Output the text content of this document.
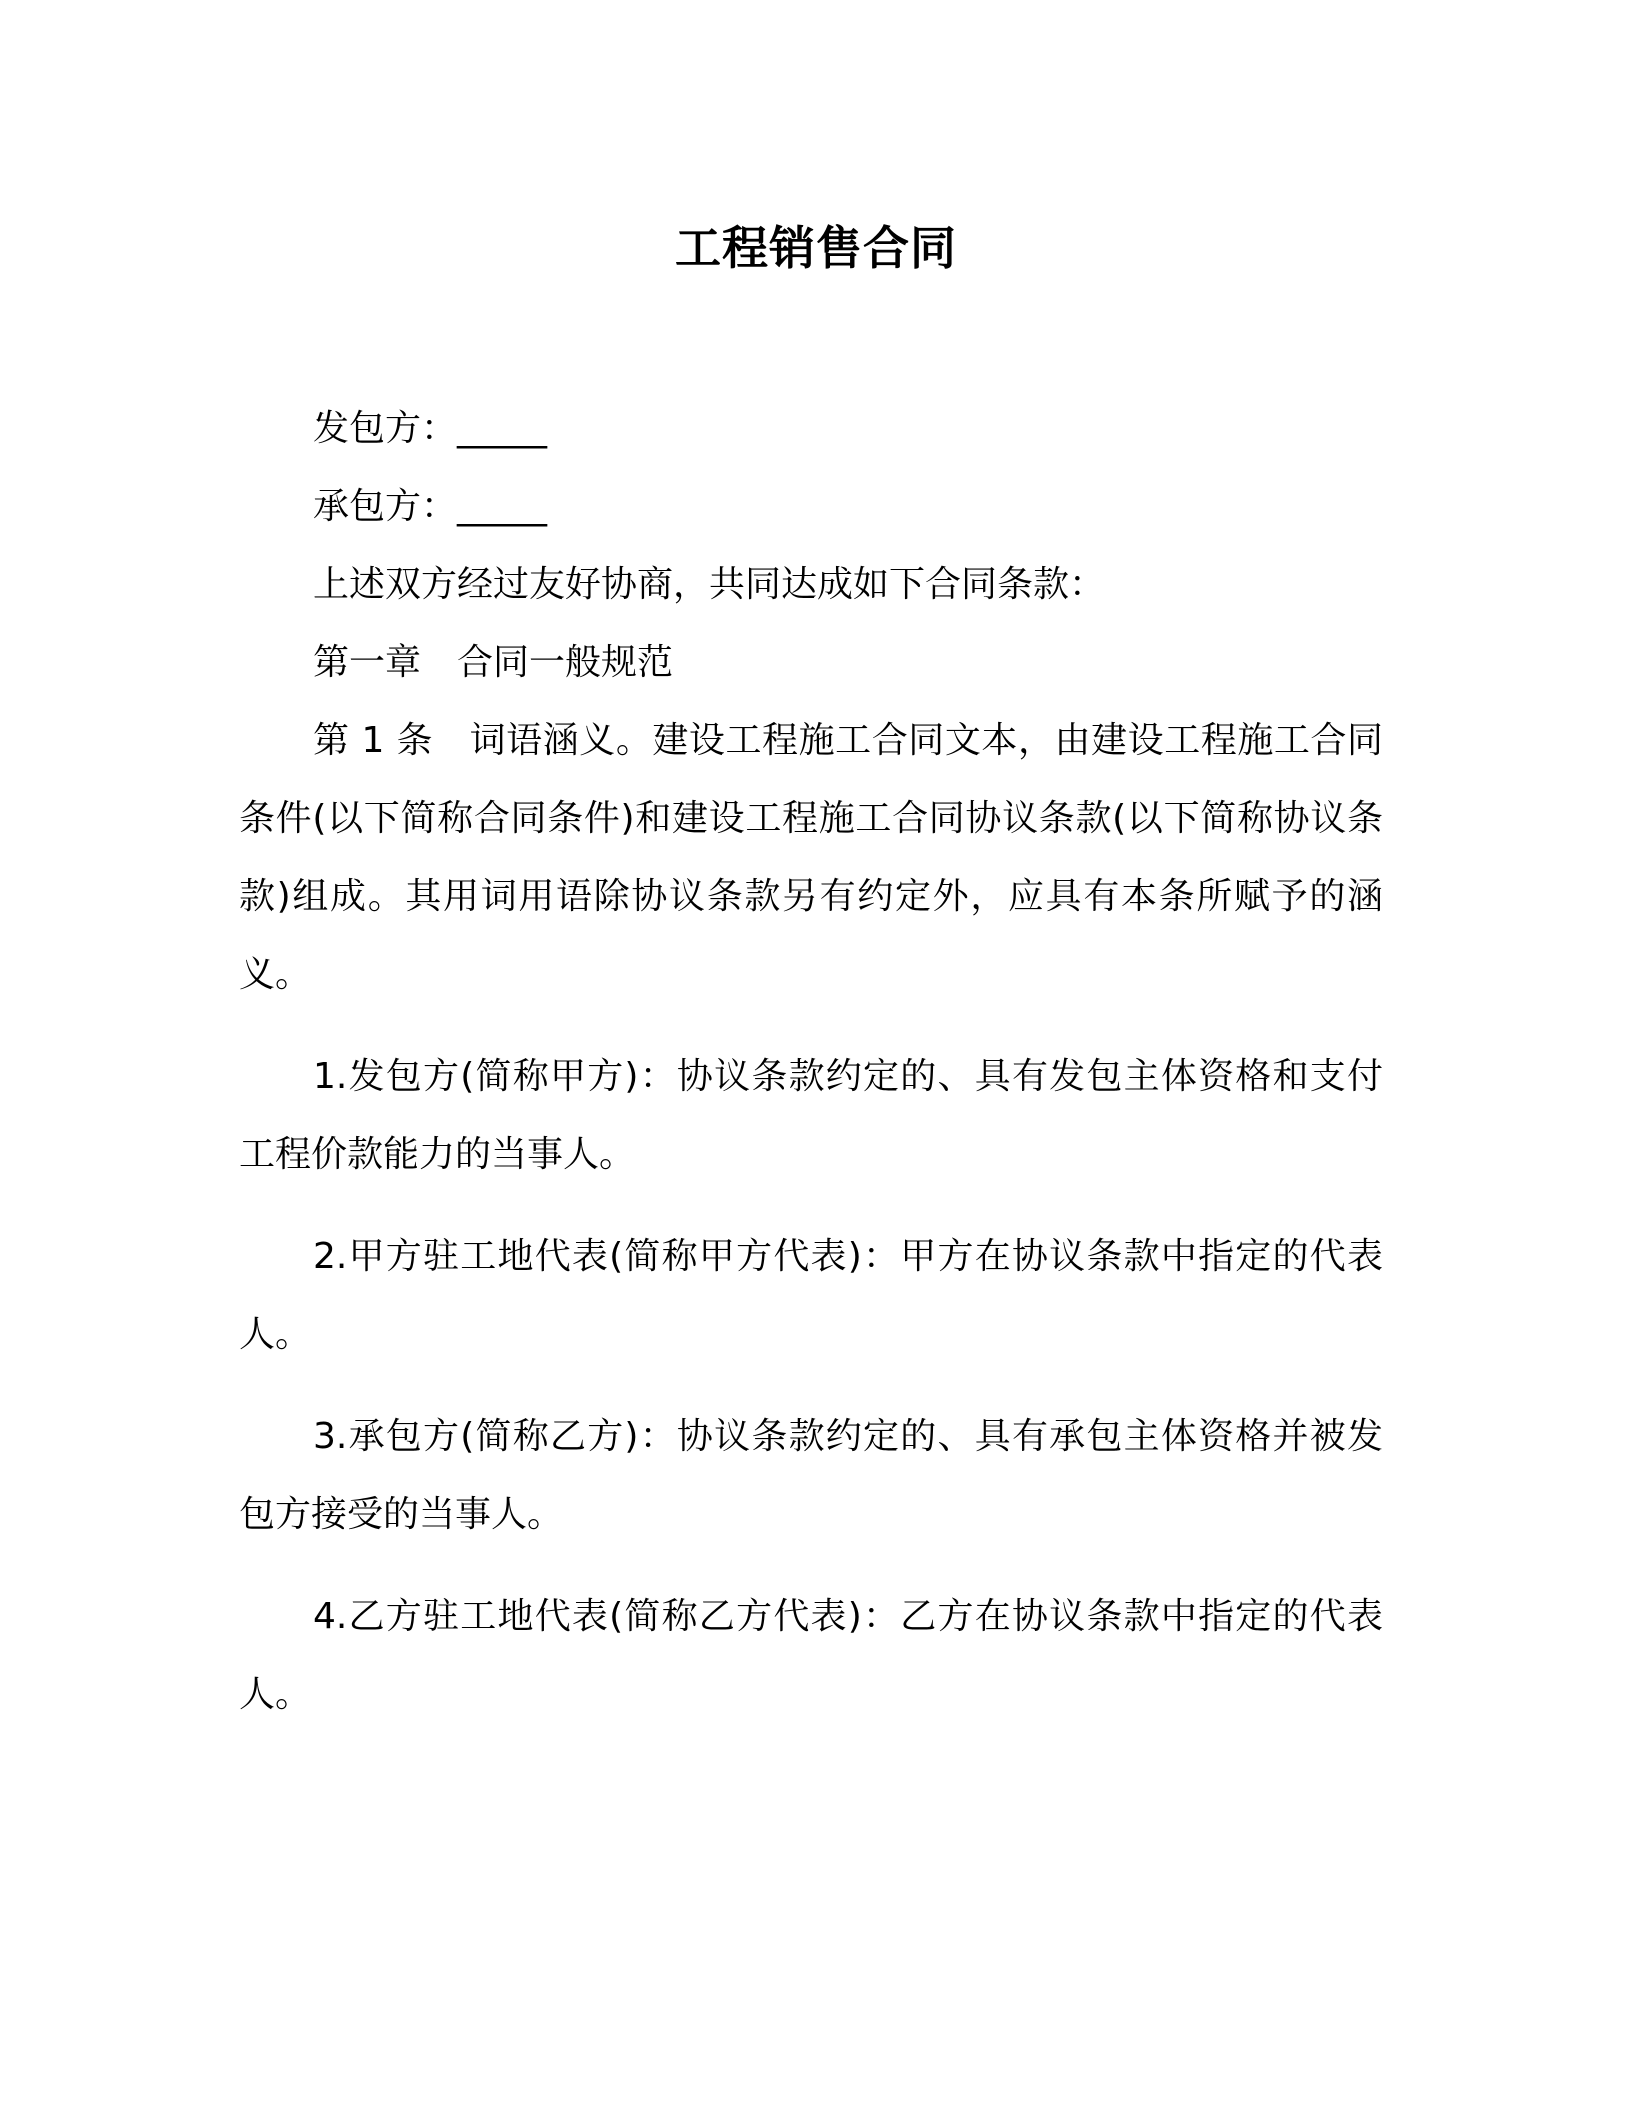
工程销售合同

发包方：_____

承包方：_____

上述双方经过友好协商，共同达成如下合同条款：

第一章　合同一般规范

第 1 条　词语涵义。建设工程施工合同文本，由建设工程施工合同条件(以下简称合同条件)和建设工程施工合同协议条款(以下简称协议条款)组成。其用词用语除协议条款另有约定外，应具有本条所赋予的涵义。

1.发包方(简称甲方)：协议条款约定的、具有发包主体资格和支付工程价款能力的当事人。

2.甲方驻工地代表(简称甲方代表)：甲方在协议条款中指定的代表人。

3.承包方(简称乙方)：协议条款约定的、具有承包主体资格并被发包方接受的当事人。

4.乙方驻工地代表(简称乙方代表)：乙方在协议条款中指定的代表人。
